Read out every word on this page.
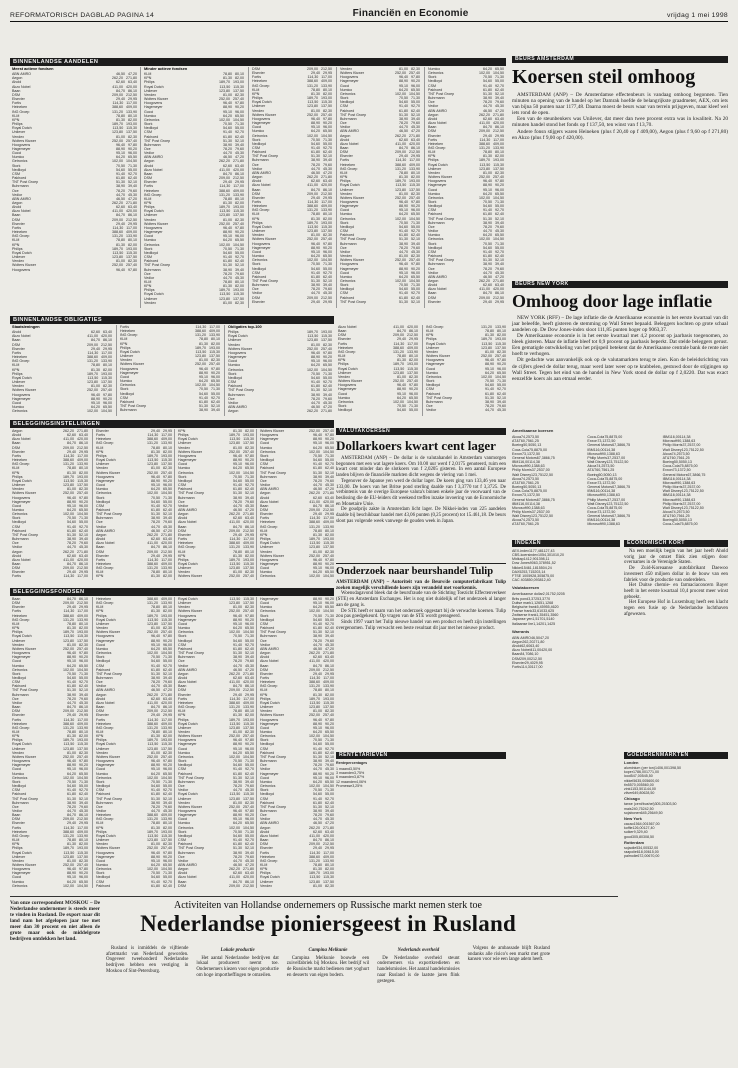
REFORMATORISCH DAGBLAD PAGINA 14	Financiën en Economie	vrijdag 1 mei 1998
BINNENLANDSE AANDELEN
Meest actieve fondsen
ABN AMRO	46,50 47,20
Aegon	262,20 271,80
Ahold	62,60 63,40
Akzo Nobel	411,00 420,00
Baan	84,70 86,10
DSM	209,00 212,50
Elsevier	29,40 29,95
Fortis	114,30 117,00
Heineken	388,60 409,00
ING Groep	131,20 133,90
KLM	78,80 80,10
KPN	81,30 82,00
Philips	189,70 193,00
Royal Dutch	113,50 115,30
Unilever	123,80 137,50
Vendex	81,00 82,30
Wolters Kluwer	252,00 257,40
Hoogovens	96,40 97,80
Hagemeyer	88,90 90,20
Gucci	95,10 96,00
Numico	64,20 65,50
Getronics	102,00 104,50
Stork	70,50 71,30
Nedlloyd	54,60 55,00
CSM	91,40 92,70
Pakhoed	61,80 62,40
TNT Post Groep	51,30 52,10
Buhrmann	38,90 39,40
Oce	78,20 79,60
Vedior	44,70 45,30
ABN AMRO	46,50 47,20
Aegon	262,20 271,80
Ahold	62,60 63,40
Akzo Nobel	411,00 420,00
Baan	84,70 86,10
DSM	209,00 212,50
Elsevier	29,40 29,95
Fortis	114,30 117,00
Heineken	388,60 409,00
ING Groep	131,20 133,90
KLM	78,80 80,10
KPN	81,30 82,00
Philips	189,70 193,00
Royal Dutch	113,50 115,30
Unilever	123,80 137,50
Vendex	81,00 82,30
Wolters Kluwer	252,00 257,40
Hoogovens	96,40 97,80
Minder actieve fondsen
KLM	78,80 80,10
KPN	81,30 82,00
Philips	189,70 193,00
Royal Dutch	113,50 115,30
Unilever	123,80 137,50
Vendex	81,00 82,30
Wolters Kluwer	252,00 257,40
Hoogovens	96,40 97,80
Hagemeyer	88,90 90,20
Gucci	95,10 96,00
Numico	64,20 65,50
Getronics	102,00 104,50
Stork	70,50 71,30
Nedlloyd	54,60 55,00
CSM	91,40 92,70
Pakhoed	61,80 62,40
TNT Post Groep	51,30 52,10
Buhrmann	38,90 39,40
Oce	78,20 79,60
Vedior	44,70 45,30
ABN AMRO	46,50 47,20
Aegon	262,20 271,80
Ahold	62,60 63,40
Akzo Nobel	411,00 420,00
Baan	84,70 86,10
DSM	209,00 212,50
Elsevier	29,40 29,95
Fortis	114,30 117,00
Heineken	388,60 409,00
ING Groep	131,20 133,90
KLM	78,80 80,10
KPN	81,30 82,00
Philips	189,70 193,00
Royal Dutch	113,50 115,30
Unilever	123,80 137,50
Vendex	81,00 82,30
Wolters Kluwer	252,00 257,40
Hoogovens	96,40 97,80
Hagemeyer	88,90 90,20
Gucci	95,10 96,00
Numico	64,20 65,50
Getronics	102,00 104,50
Stork	70,50 71,30
Nedlloyd	54,60 55,00
CSM	91,40 92,70
Pakhoed	61,80 62,40
TNT Post Groep	51,30 52,10
Buhrmann	38,90 39,40
Oce	78,20 79,60
Vedior	44,70 45,30
KLM	78,80 80,10
KPN	81,30 82,00
Philips	189,70 193,00
Royal Dutch	113,50 115,30
Unilever	123,80 137,50
Vendex	81,00 82,30
DSM	209,00 212,50
Elsevier	29,40 29,95
Fortis	114,30 117,00
Heineken	388,60 409,00
ING Groep	131,20 133,90
KLM	78,80 80,10
KPN	81,30 82,00
Philips	189,70 193,00
Royal Dutch	113,50 115,30
Unilever	123,80 137,50
Vendex	81,00 82,30
Wolters Kluwer	252,00 257,40
Hoogovens	96,40 97,80
Hagemeyer	88,90 90,20
Gucci	95,10 96,00
Numico	64,20 65,50
Getronics	102,00 104,50
Stork	70,50 71,30
Nedlloyd	54,60 55,00
CSM	91,40 92,70
Pakhoed	61,80 62,40
TNT Post Groep	51,30 52,10
Buhrmann	38,90 39,40
Oce	78,20 79,60
Vedior	44,70 45,30
ABN AMRO	46,50 47,20
Aegon	262,20 271,80
Ahold	62,60 63,40
Akzo Nobel	411,00 420,00
Baan	84,70 86,10
DSM	209,00 212,50
Elsevier	29,40 29,95
Fortis	114,30 117,00
Heineken	388,60 409,00
ING Groep	131,20 133,90
KLM	78,80 80,10
KPN	81,30 82,00
Philips	189,70 193,00
Royal Dutch	113,50 115,30
Unilever	123,80 137,50
Vendex	81,00 82,30
Wolters Kluwer	252,00 257,40
Hoogovens	96,40 97,80
Hagemeyer	88,90 90,20
Gucci	95,10 96,00
Numico	64,20 65,50
Getronics	102,00 104,50
Stork	70,50 71,30
Nedlloyd	54,60 55,00
CSM	91,40 92,70
Pakhoed	61,80 62,40
TNT Post Groep	51,30 52,10
Buhrmann	38,90 39,40
Oce	78,20 79,60
Vedior	44,70 45,30
DSM	209,00 212,50
Elsevier	29,40 29,95
Vendex	81,00 82,30
Wolters Kluwer	252,00 257,40
Hoogovens	96,40 97,80
Hagemeyer	88,90 90,20
Gucci	95,10 96,00
Numico	64,20 65,50
Getronics	102,00 104,50
Stork	70,50 71,30
Nedlloyd	54,60 55,00
CSM	91,40 92,70
Pakhoed	61,80 62,40
TNT Post Groep	51,30 52,10
Buhrmann	38,90 39,40
Oce	78,20 79,60
Vedior	44,70 45,30
ABN AMRO	46,50 47,20
Aegon	262,20 271,80
Ahold	62,60 63,40
Akzo Nobel	411,00 420,00
Baan	84,70 86,10
DSM	209,00 212,50
Elsevier	29,40 29,95
Fortis	114,30 117,00
Heineken	388,60 409,00
ING Groep	131,20 133,90
KLM	78,80 80,10
KPN	81,30 82,00
Philips	189,70 193,00
Royal Dutch	113,50 115,30
Unilever	123,80 137,50
Vendex	81,00 82,30
Wolters Kluwer	252,00 257,40
Hoogovens	96,40 97,80
Hagemeyer	88,90 90,20
Gucci	95,10 96,00
Numico	64,20 65,50
Getronics	102,00 104,50
Stork	70,50 71,30
Nedlloyd	54,60 55,00
CSM	91,40 92,70
Pakhoed	61,80 62,40
TNT Post Groep	51,30 52,10
Buhrmann	38,90 39,40
Oce	78,20 79,60
Vedior	44,70 45,30
Vendex	81,00 82,30
Wolters Kluwer	252,00 257,40
Hoogovens	96,40 97,80
Hagemeyer	88,90 90,20
Gucci	95,10 96,00
Numico	64,20 65,50
Getronics	102,00 104,50
Stork	70,50 71,30
Nedlloyd	54,60 55,00
CSM	91,40 92,70
Pakhoed	61,80 62,40
TNT Post Groep	51,30 52,10
Numico	64,20 65,50
Getronics	102,00 104,50
Stork	70,50 71,30
Nedlloyd	54,60 55,00
CSM	91,40 92,70
Pakhoed	61,80 62,40
TNT Post Groep	51,30 52,10
Buhrmann	38,90 39,40
Oce	78,20 79,60
Vedior	44,70 45,30
ABN AMRO	46,50 47,20
Aegon	262,20 271,80
Ahold	62,60 63,40
Akzo Nobel	411,00 420,00
Baan	84,70 86,10
DSM	209,00 212,50
Elsevier	29,40 29,95
Fortis	114,30 117,00
Heineken	388,60 409,00
ING Groep	131,20 133,90
KLM	78,80 80,10
KPN	81,30 82,00
Philips	189,70 193,00
Royal Dutch	113,50 115,30
Unilever	123,80 137,50
Vendex	81,00 82,30
Wolters Kluwer	252,00 257,40
Hoogovens	96,40 97,80
Hagemeyer	88,90 90,20
Gucci	95,10 96,00
Numico	64,20 65,50
Getronics	102,00 104,50
Stork	70,50 71,30
Nedlloyd	54,60 55,00
CSM	91,40 92,70
Pakhoed	61,80 62,40
TNT Post Groep	51,30 52,10
Buhrmann	38,90 39,40
Oce	78,20 79,60
Vedior	44,70 45,30
Numico	64,20 65,50
Getronics	102,00 104,50
Stork	70,50 71,30
Nedlloyd	54,60 55,00
CSM	91,40 92,70
Pakhoed	61,80 62,40
TNT Post Groep	51,30 52,10
Buhrmann	38,90 39,40
Oce	78,20 79,60
Vedior	44,70 45,30
ABN AMRO	46,50 47,20
Aegon	262,20 271,80
Ahold	62,60 63,40
Akzo Nobel	411,00 420,00
Baan	84,70 86,10
DSM	209,00 212,50
Elsevier	29,40 29,95
BINNENLANDSE OBLIGATIES
Staatsleningen
Ahold	62,60 63,40
Akzo Nobel	411,00 420,00
Baan	84,70 86,10
DSM	209,00 212,50
Elsevier	29,40 29,95
Fortis	114,30 117,00
Heineken	388,60 409,00
ING Groep	131,20 133,90
KLM	78,80 80,10
KPN	81,30 82,00
Philips	189,70 193,00
Royal Dutch	113,50 115,30
Unilever	123,80 137,50
Vendex	81,00 82,30
Wolters Kluwer	252,00 257,40
Hoogovens	96,40 97,80
Hagemeyer	88,90 90,20
Gucci	95,10 96,00
Numico	64,20 65,50
Getronics	102,00 104,50
Fortis	114,30 117,00
Heineken	388,60 409,00
ING Groep	131,20 133,90
KLM	78,80 80,10
KPN	81,30 82,00
Philips	189,70 193,00
Royal Dutch	113,50 115,30
Unilever	123,80 137,50
Vendex	81,00 82,30
Wolters Kluwer	252,00 257,40
Hoogovens	96,40 97,80
Hagemeyer	88,90 90,20
Gucci	95,10 96,00
Numico	64,20 65,50
Getronics	102,00 104,50
Stork	70,50 71,30
Nedlloyd	54,60 55,00
CSM	91,40 92,70
Pakhoed	61,80 62,40
TNT Post Groep	51,30 52,10
Buhrmann	38,90 39,40
Obligaties top-100
Philips	189,70 193,00
Royal Dutch	113,50 115,30
Unilever	123,80 137,50
Vendex	81,00 82,30
Wolters Kluwer	252,00 257,40
Hoogovens	96,40 97,80
Hagemeyer	88,90 90,20
Gucci	95,10 96,00
Numico	64,20 65,50
Getronics	102,00 104,50
Stork	70,50 71,30
Nedlloyd	54,60 55,00
CSM	91,40 92,70
Pakhoed	61,80 62,40
TNT Post Groep	51,30 52,10
Buhrmann	38,90 39,40
Oce	78,20 79,60
Vedior	44,70 45,30
ABN AMRO	46,50 47,20
Aegon	262,20 271,80
Akzo Nobel	411,00 420,00
Baan	84,70 86,10
DSM	209,00 212,50
Elsevier	29,40 29,95
Fortis	114,30 117,00
Heineken	388,60 409,00
ING Groep	131,20 133,90
KLM	78,80 80,10
KPN	81,30 82,00
Philips	189,70 193,00
Royal Dutch	113,50 115,30
Unilever	123,80 137,50
Vendex	81,00 82,30
Wolters Kluwer	252,00 257,40
Hoogovens	96,40 97,80
Hagemeyer	88,90 90,20
Gucci	95,10 96,00
Numico	64,20 65,50
Getronics	102,00 104,50
Stork	70,50 71,30
Nedlloyd	54,60 55,00
ING Groep	131,20 133,90
KLM	78,80 80,10
KPN	81,30 82,00
Philips	189,70 193,00
Royal Dutch	113,50 115,30
Unilever	123,80 137,50
Vendex	81,00 82,30
Wolters Kluwer	252,00 257,40
Hoogovens	96,40 97,80
Hagemeyer	88,90 90,20
Gucci	95,10 96,00
Numico	64,20 65,50
Getronics	102,00 104,50
Stork	70,50 71,30
Nedlloyd	54,60 55,00
CSM	91,40 92,70
Pakhoed	61,80 62,40
TNT Post Groep	51,30 52,10
Buhrmann	38,90 39,40
Oce	78,20 79,60
Vedior	44,70 45,30
BELEGGINGSINSTELLINGEN
Aegon	262,20 271,80
Ahold	62,60 63,40
Akzo Nobel	411,00 420,00
Baan	84,70 86,10
DSM	209,00 212,50
Elsevier	29,40 29,95
Fortis	114,30 117,00
Heineken	388,60 409,00
ING Groep	131,20 133,90
KLM	78,80 80,10
KPN	81,30 82,00
Philips	189,70 193,00
Royal Dutch	113,50 115,30
Unilever	123,80 137,50
Vendex	81,00 82,30
Wolters Kluwer	252,00 257,40
Hoogovens	96,40 97,80
Hagemeyer	88,90 90,20
Gucci	95,10 96,00
Numico	64,20 65,50
Getronics	102,00 104,50
Stork	70,50 71,30
Nedlloyd	54,60 55,00
CSM	91,40 92,70
Pakhoed	61,80 62,40
TNT Post Groep	51,30 52,10
Buhrmann	38,90 39,40
Oce	78,20 79,60
Vedior	44,70 45,30
Aegon	262,20 271,80
Ahold	62,60 63,40
Akzo Nobel	411,00 420,00
Baan	84,70 86,10
DSM	209,00 212,50
Elsevier	29,40 29,95
Fortis	114,30 117,00
Elsevier	29,40 29,95
Fortis	114,30 117,00
Heineken	388,60 409,00
ING Groep	131,20 133,90
KLM	78,80 80,10
KPN	81,30 82,00
Philips	189,70 193,00
Royal Dutch	113,50 115,30
Unilever	123,80 137,50
Vendex	81,00 82,30
Wolters Kluwer	252,00 257,40
Hoogovens	96,40 97,80
Hagemeyer	88,90 90,20
Gucci	95,10 96,00
Numico	64,20 65,50
Getronics	102,00 104,50
Stork	70,50 71,30
Nedlloyd	54,60 55,00
CSM	91,40 92,70
Pakhoed	61,80 62,40
TNT Post Groep	51,30 52,10
Buhrmann	38,90 39,40
Oce	78,20 79,60
Vedior	44,70 45,30
ABN AMRO	46,50 47,20
Aegon	262,20 271,80
Ahold	62,60 63,40
Akzo Nobel	411,00 420,00
Baan	84,70 86,10
DSM	209,00 212,50
Elsevier	29,40 29,95
Fortis	114,30 117,00
Heineken	388,60 409,00
ING Groep	131,20 133,90
KLM	78,80 80,10
KPN	81,30 82,00
KPN	81,30 82,00
Philips	189,70 193,00
Royal Dutch	113,50 115,30
Unilever	123,80 137,50
Vendex	81,00 82,30
Wolters Kluwer	252,00 257,40
Hoogovens	96,40 97,80
Hagemeyer	88,90 90,20
Gucci	95,10 96,00
Numico	64,20 65,50
Getronics	102,00 104,50
Stork	70,50 71,30
Nedlloyd	54,60 55,00
CSM	91,40 92,70
Pakhoed	61,80 62,40
TNT Post Groep	51,30 52,10
Buhrmann	38,90 39,40
Oce	78,20 79,60
Vedior	44,70 45,30
ABN AMRO	46,50 47,20
Aegon	262,20 271,80
Ahold	62,60 63,40
Akzo Nobel	411,00 420,00
Baan	84,70 86,10
DSM	209,00 212,50
Elsevier	29,40 29,95
Fortis	114,30 117,00
Heineken	388,60 409,00
ING Groep	131,20 133,90
KLM	78,80 80,10
KPN	81,30 82,00
Philips	189,70 193,00
Royal Dutch	113,50 115,30
Unilever	123,80 137,50
Vendex	81,00 82,30
Wolters Kluwer	252,00 257,40
Wolters Kluwer	252,00 257,40
Hoogovens	96,40 97,80
Hagemeyer	88,90 90,20
Gucci	95,10 96,00
Numico	64,20 65,50
Getronics	102,00 104,50
Stork	70,50 71,30
Nedlloyd	54,60 55,00
CSM	91,40 92,70
Pakhoed	61,80 62,40
TNT Post Groep	51,30 52,10
Buhrmann	38,90 39,40
Oce	78,20 79,60
Vedior	44,70 45,30
ABN AMRO	46,50 47,20
Aegon	262,20 271,80
Ahold	62,60 63,40
Akzo Nobel	411,00 420,00
Baan	84,70 86,10
DSM	209,00 212,50
Elsevier	29,40 29,95
Fortis	114,30 117,00
Heineken	388,60 409,00
ING Groep	131,20 133,90
KLM	78,80 80,10
KPN	81,30 82,00
Philips	189,70 193,00
Royal Dutch	113,50 115,30
Unilever	123,80 137,50
Vendex	81,00 82,30
Wolters Kluwer	252,00 257,40
Hoogovens	96,40 97,80
Hagemeyer	88,90 90,20
Gucci	95,10 96,00
Numico	64,20 65,50
Getronics	102,00 104,50
BELEGGINGSFONDSEN
Baan	84,70 86,10
DSM	209,00 212,50
Elsevier	29,40 29,95
Fortis	114,30 117,00
Heineken	388,60 409,00
ING Groep	131,20 133,90
KLM	78,80 80,10
KPN	81,30 82,00
Philips	189,70 193,00
Royal Dutch	113,50 115,30
Unilever	123,80 137,50
Vendex	81,00 82,30
Wolters Kluwer	252,00 257,40
Hoogovens	96,40 97,80
Hagemeyer	88,90 90,20
Gucci	95,10 96,00
Numico	64,20 65,50
Getronics	102,00 104,50
Stork	70,50 71,30
Nedlloyd	54,60 55,00
CSM	91,40 92,70
Pakhoed	61,80 62,40
TNT Post Groep	51,30 52,10
Buhrmann	38,90 39,40
Oce	78,20 79,60
Vedior	44,70 45,30
Baan	84,70 86,10
DSM	209,00 212,50
Elsevier	29,40 29,95
Fortis	114,30 117,00
Heineken	388,60 409,00
ING Groep	131,20 133,90
KLM	78,80 80,10
KPN	81,30 82,00
Philips	189,70 193,00
Royal Dutch	113,50 115,30
Unilever	123,80 137,50
Vendex	81,00 82,30
Wolters Kluwer	252,00 257,40
Hoogovens	96,40 97,80
Hagemeyer	88,90 90,20
Gucci	95,10 96,00
Numico	64,20 65,50
Getronics	102,00 104,50
Stork	70,50 71,30
Nedlloyd	54,60 55,00
CSM	91,40 92,70
Pakhoed	61,80 62,40
TNT Post Groep	51,30 52,10
Buhrmann	38,90 39,40
Oce	78,20 79,60
Vedior	44,70 45,30
Baan	84,70 86,10
DSM	209,00 212,50
Elsevier	29,40 29,95
Fortis	114,30 117,00
Heineken	388,60 409,00
ING Groep	131,20 133,90
KLM	78,80 80,10
KPN	81,30 82,00
Philips	189,70 193,00
Royal Dutch	113,50 115,30
Unilever	123,80 137,50
Vendex	81,00 82,30
Wolters Kluwer	252,00 257,40
Hoogovens	96,40 97,80
Hagemeyer	88,90 90,20
Gucci	95,10 96,00
Numico	64,20 65,50
Getronics	102,00 104,50
Heineken	388,60 409,00
ING Groep	131,20 133,90
KLM	78,80 80,10
KPN	81,30 82,00
Philips	189,70 193,00
Royal Dutch	113,50 115,30
Unilever	123,80 137,50
Vendex	81,00 82,30
Wolters Kluwer	252,00 257,40
Hoogovens	96,40 97,80
Hagemeyer	88,90 90,20
Gucci	95,10 96,00
Numico	64,20 65,50
Getronics	102,00 104,50
Stork	70,50 71,30
Nedlloyd	54,60 55,00
CSM	91,40 92,70
Pakhoed	61,80 62,40
TNT Post Groep	51,30 52,10
Buhrmann	38,90 39,40
Oce	78,20 79,60
Vedior	44,70 45,30
ABN AMRO	46,50 47,20
Aegon	262,20 271,80
Ahold	62,60 63,40
Akzo Nobel	411,00 420,00
Baan	84,70 86,10
DSM	209,00 212,50
Elsevier	29,40 29,95
Fortis	114,30 117,00
Heineken	388,60 409,00
ING Groep	131,20 133,90
KLM	78,80 80,10
KPN	81,30 82,00
Philips	189,70 193,00
Royal Dutch	113,50 115,30
Unilever	123,80 137,50
Vendex	81,00 82,30
Wolters Kluwer	252,00 257,40
Hoogovens	96,40 97,80
Hagemeyer	88,90 90,20
Gucci	95,10 96,00
Numico	64,20 65,50
Getronics	102,00 104,50
Stork	70,50 71,30
Nedlloyd	54,60 55,00
CSM	91,40 92,70
Pakhoed	61,80 62,40
TNT Post Groep	51,30 52,10
Buhrmann	38,90 39,40
Oce	78,20 79,60
Vedior	44,70 45,30
Heineken	388,60 409,00
ING Groep	131,20 133,90
KLM	78,80 80,10
KPN	81,30 82,00
Philips	189,70 193,00
Royal Dutch	113,50 115,30
Unilever	123,80 137,50
Vendex	81,00 82,30
Wolters Kluwer	252,00 257,40
Hoogovens	96,40 97,80
Hagemeyer	88,90 90,20
Gucci	95,10 96,00
Numico	64,20 65,50
Getronics	102,00 104,50
Stork	70,50 71,30
Nedlloyd	54,60 55,00
CSM	91,40 92,70
Pakhoed	61,80 62,40
Royal Dutch	113,50 115,30
Unilever	123,80 137,50
Vendex	81,00 82,30
Wolters Kluwer	252,00 257,40
Hoogovens	96,40 97,80
Hagemeyer	88,90 90,20
Gucci	95,10 96,00
Numico	64,20 65,50
Getronics	102,00 104,50
Stork	70,50 71,30
Nedlloyd	54,60 55,00
CSM	91,40 92,70
Pakhoed	61,80 62,40
TNT Post Groep	51,30 52,10
Buhrmann	38,90 39,40
Oce	78,20 79,60
Vedior	44,70 45,30
ABN AMRO	46,50 47,20
Aegon	262,20 271,80
Ahold	62,60 63,40
Akzo Nobel	411,00 420,00
Baan	84,70 86,10
DSM	209,00 212,50
Elsevier	29,40 29,95
Fortis	114,30 117,00
Heineken	388,60 409,00
ING Groep	131,20 133,90
KLM	78,80 80,10
KPN	81,30 82,00
Philips	189,70 193,00
Royal Dutch	113,50 115,30
Unilever	123,80 137,50
Vendex	81,00 82,30
Wolters Kluwer	252,00 257,40
Hoogovens	96,40 97,80
Hagemeyer	88,90 90,20
Gucci	95,10 96,00
Numico	64,20 65,50
Getronics	102,00 104,50
Stork	70,50 71,30
Nedlloyd	54,60 55,00
CSM	91,40 92,70
Pakhoed	61,80 62,40
TNT Post Groep	51,30 52,10
Buhrmann	38,90 39,40
Oce	78,20 79,60
Vedior	44,70 45,30
Royal Dutch	113,50 115,30
Unilever	123,80 137,50
Vendex	81,00 82,30
Wolters Kluwer	252,00 257,40
Hoogovens	96,40 97,80
Hagemeyer	88,90 90,20
Gucci	95,10 96,00
Numico	64,20 65,50
Getronics	102,00 104,50
Stork	70,50 71,30
Nedlloyd	54,60 55,00
CSM	91,40 92,70
Pakhoed	61,80 62,40
TNT Post Groep	51,30 52,10
Buhrmann	38,90 39,40
Oce	78,20 79,60
Vedior	44,70 45,30
ABN AMRO	46,50 47,20
Aegon	262,20 271,80
Ahold	62,60 63,40
Akzo Nobel	411,00 420,00
Baan	84,70 86,10
DSM	209,00 212,50
Hagemeyer	88,90 90,20
Gucci	95,10 96,00
Numico	64,20 65,50
Getronics	102,00 104,50
Stork	70,50 71,30
Nedlloyd	54,60 55,00
CSM	91,40 92,70
Pakhoed	61,80 62,40
TNT Post Groep	51,30 52,10
Buhrmann	38,90 39,40
Oce	78,20 79,60
Vedior	44,70 45,30
ABN AMRO	46,50 47,20
Aegon	262,20 271,80
Ahold	62,60 63,40
Akzo Nobel	411,00 420,00
Baan	84,70 86,10
DSM	209,00 212,50
Elsevier	29,40 29,95
Fortis	114,30 117,00
Heineken	388,60 409,00
ING Groep	131,20 133,90
KLM	78,80 80,10
KPN	81,30 82,00
Philips	189,70 193,00
Royal Dutch	113,50 115,30
Unilever	123,80 137,50
Vendex	81,00 82,30
Wolters Kluwer	252,00 257,40
Hoogovens	96,40 97,80
Hagemeyer	88,90 90,20
Gucci	95,10 96,00
Numico	64,20 65,50
Getronics	102,00 104,50
Stork	70,50 71,30
Nedlloyd	54,60 55,00
CSM	91,40 92,70
Pakhoed	61,80 62,40
TNT Post Groep	51,30 52,10
Buhrmann	38,90 39,40
Oce	78,20 79,60
Vedior	44,70 45,30
Hagemeyer	88,90 90,20
Gucci	95,10 96,00
Numico	64,20 65,50
Getronics	102,00 104,50
Stork	70,50 71,30
Nedlloyd	54,60 55,00
CSM	91,40 92,70
Pakhoed	61,80 62,40
TNT Post Groep	51,30 52,10
Buhrmann	38,90 39,40
Oce	78,20 79,60
Vedior	44,70 45,30
ABN AMRO	46,50 47,20
Aegon	262,20 271,80
Ahold	62,60 63,40
Akzo Nobel	411,00 420,00
Baan	84,70 86,10
DSM	209,00 212,50
Elsevier	29,40 29,95
Fortis	114,30 117,00
Heineken	388,60 409,00
ING Groep	131,20 133,90
KLM	78,80 80,10
KPN	81,30 82,00
Philips	189,70 193,00
Royal Dutch	113,50 115,30
Unilever	123,80 137,50
Vendex	81,00 82,30
VALUTAKOERSEN
Dollarkoers kwart cent lager

AMSTERDAM (ANP) – De dollar is de valutahandel in Amsterdam vanmorgen begonnen met een wat lagere koers. Om 10.00 uur werd f 2,0175 genoteerd, ruim een kwart cent minder dan de slotkoers van f 2,0205 gisteren. In een aantal Europese landen blijven de financiële markten dicht wegens de viering van 1 mei.

Tegenover de Japanse yen werd de dollar lager. De koers ging van 133,46 yen naar 133,00. De koers van het Britse pond sterling daalde van f 3,3770 tot f 3,3725. De verbintenis van de overige Europese valuta's binnen enkele jaar de voorwaard van de beslissing die de EU-leiders dit weekend treffen inzake invoering van de Economische en Monetaire Unie.

De goudprijs zakte in Amsterdam licht lager. De Nikkei-index van 225 aandelen daalde bij beschikbaar handel met 43,06 punten (0,25 procent) tot 15.461,18. De beurs sloot pas volgende week vanwege de gouden week in Japan.

Onderzoek naar beurshandel Tulip
AMSTERDAM (ANP) – Autoriteit van de Beurs/de computerfabrikant Tulip zoeken mogelijk verschillende koers zijn verandeld met voorkennis.

Woensdagavond bleek dat de beursfraude van de Stichting Toezicht Effectenverkeer (STE) en Amsterdam Exchanges. Het is nog niet duidelijk of het onderzoek al langer aan de gang is.

De STE heeft er naam van het onderzoek opgestart bij de verwachte koersen. Tulip zou pas goedgekeurd. Op vragen van de STE wordt gereageerd.

Sinds 1997 vaart het Tulip nieuwe handel van een product en heeft zijn instellingen overgenomen. Tulip verwacht een beste resultaat dit jaar met het nieuwe product.

RENTETARIEVEN
Rentepercentages
1 maand3,50%
3 maanden3,75%
6 maanden3,87%
12 maanden4,06%
Promesse3,25%
BEURS AMSTERDAM
Koersen steil omhoog

AMSTERDAM (ANP) – De Amsterdamse effectenbeurs is vandaag omhoog begonnen. Tien minuten na opening van de handel op het Damrak hoefde de belangrijkste graadmeter, AEX, om iets van bijna 50 punten naar 1177,48. Daarna moest de beurs waar van terrein prijsgeven, maar kleef wel iets rond de open.

Een van de steunbenkers was Unilever, dat meer dan twee procent extra was in kwaliteit. Na 20 minuten handel stond het fonds op f 137,50, ten winst van f 13,70.

Andere fonsn stijgers waren Heineken (plus f 20,40 op f 409,00), Aegon (plus f 9,60 op f 271,80) en Akzo (plus f 9,00 op f 420,00).

BEURS NEW YORK
Omhoog door lage inflatie

NEW YORK (RFF) – De lage inflatie die de Amerikaanse economie in het eerste kwartaal van dit jaar beleefde, heeft gisteren de stemming op Wall Street bepaald. Beleggers kochten op grote schaal aandelen op. De Dow Jones-index sloot 111,85 punten hoger op 9063,37.

De Amerikaanse economie is in het eerste kwartaal met 4,2 procent op jaarbasis toegenomen, zo bleek gisteren. Maar de inflatie bleef tot 0,9 procent op jaarbasis beperkt. Dat stelde beleggers gerust. Een gematigde ontwikkeling van het prijspeil betekent dat de Amerikaanse centrale bank de rente niet hoeft te verhogen.

Dit gedachte was aanvankelijk ook op de valutamarkten terug te zien. Kon de beleidsrichting van de cijfers gleed de dollar terug, maar werd later weer op te krabbelen, gestuwd door de stijgingen op Wall Street. Tegen het eind van de handel in New York stond de dollar op f 2,0220. Dat was exact eenzelfde koers als aan etmaal eerder.

Amerikaanse koersen
Alcoa74,2573,50
AT&T60,7561,25
Boeing50,5050,13
Coca-Cola75,8875,00
Exxon73,1372,50
General Motors67,3866,75
IBM116,00114,38
Microsoft90,1388,63
Philip Morris37,2537,00
Walt Disney123,75122,50
Alcoa74,2573,50
AT&T60,7561,25
Boeing50,5050,13
Coca-Cola75,8875,00
Exxon73,1372,50
General Motors67,3866,75
IBM116,00114,38
Microsoft90,1388,63
Philip Morris37,2537,00
Walt Disney123,75122,50
Alcoa74,2573,50
AT&T60,7561,25
Coca-Cola75,8875,00
Exxon73,1372,50
General Motors67,3866,75
IBM116,00114,38
Microsoft90,1388,63
Philip Morris37,2537,00
Walt Disney123,75122,50
Alcoa74,2573,50
AT&T60,7561,25
Boeing50,5050,13
Coca-Cola75,8875,00
Exxon73,1372,50
General Motors67,3866,75
IBM116,00114,38
Microsoft90,1388,63
Philip Morris37,2537,00
Walt Disney123,75122,50
Coca-Cola75,8875,00
Exxon73,1372,50
General Motors67,3866,75
IBM116,00114,38
Microsoft90,1388,63
IBM116,00114,38
Microsoft90,1388,63
Philip Morris37,2537,00
Walt Disney123,75122,50
Alcoa74,2573,50
AT&T60,7561,25
Boeing50,5050,13
Coca-Cola75,8875,00
Exxon73,1372,50
General Motors67,3866,75
IBM116,00114,38
Microsoft90,1388,63
Philip Morris37,2537,00
Walt Disney123,75122,50
IBM116,00114,38
Microsoft90,1388,63
Philip Morris37,2537,00
Walt Disney123,75122,50
Alcoa74,2573,50
AT&T60,7561,25
Boeing50,5050,13
Coca-Cola75,8875,00
INDEXEN
AEX-index1177,481127,43
CBS-koersindex1054,301010,20
Midkap1412,901398,11
Dow Jones9063,378951,52
Nikkei15461,1815504,24
DAX5253,715203,14
FTSE 1005928,305875,00
CAC 403850,093812,40
Valutakoersen
Amerikaanse dollar2,01752,0205
Brits pond3,37253,3770
Duitse mark1,12651,1268
Belgische frank5,45955,4620
Franse frank33,61033,625
Zwitserse frank1,35451,3560
Japanse yen1,51701,5140
Italiaanse lire1,14201,1425
Warrants
ABN AMRO46,5047,20
Aegon262,20271,80
Ahold62,6063,40
Akzo Nobel411,00420,00
Baan84,7086,10
DSM209,00212,50
Elsevier29,4029,95
Fortis114,30117,00
ECONOMISCH KORT

Na een moeilijk begin van het jaar heeft Ahold vorig jaar de omzet flink zien stijgen door overnames in de Verenigde Staten.

De Zuid-Koreaanse autofabrikant Daewoo investeert 450 miljoen dollar in de bouw van een fabriek voor de productie van onderdelen.

Het Duitse chemie- en farmaciaconcern Bayer heeft in het eerste kwartaal 10,4 procent meer winst geboekt.

Het Europese Hof in Luxemburg heeft een klacht tegen een fusie op de Nederlandse luchthaven afgewezen.

GOEDERENMARKTEN
Londen
aluminium (per ton)1406,001398,50
koper1786,001771,00
lood547,00545,50
nikkel5635,005600,00
tin5570,005560,00
zink1153,501144,00
zilver649,80628,50
Chicago
tarwe (cent/bushel)305,25303,50
mais240,75242,50
sojabonen645,25649,50
New York
cacao1564,001567,00
koffie126,00127,40
suiker9,329,40
goud305,80308,50
Rotterdam
sojaolie534,00532,00
raapolie618,00615,00
palmolie672,00670,00
Van onze correspondent MOSKOU – De Nederlandse ondernemer is steeds meer te vinden in Rusland. De export naar dit land nam het afgelopen jaar toe met meer dan 30 procent en niet alleen de grote maar ook de middelgrote bedrijven ontdekken het land.
Activiteiten van Hollandse ondernemers op Russische markt nemen sterk toe
Nederlandse pioniersgeest in Rusland

Rusland is inmiddels de vijftiende afzetmarkt van Nederland geworden. Ongeveer tweehonderd Nederlandse bedrijven hebben een vestiging in Moskou of Sint-Petersburg.

Lokale productie

Het aantal Nederlandse bedrijven dat lokaal produceert neemt toe. Ondernemers kiezen voor eigen productie om hoge importheffingen te omzeilen.

Campina Melkunie

Campina Melkunie bouwde een zuivelfabriek bij Moskou. Het bedrijf wil de Russische markt bedienen met yoghurt en desserts van eigen bodem.

Nederlands overheid

De Nederlandse overheid steunt ondernemers via exportkredieten en handelsmissies. Het aantal handelsmissies naar Rusland is de laatste jaren flink gestegen.

Volgens de ambassade blijft Rusland ondanks alle risico's een markt met grote kansen voor wie een lange adem heeft.
